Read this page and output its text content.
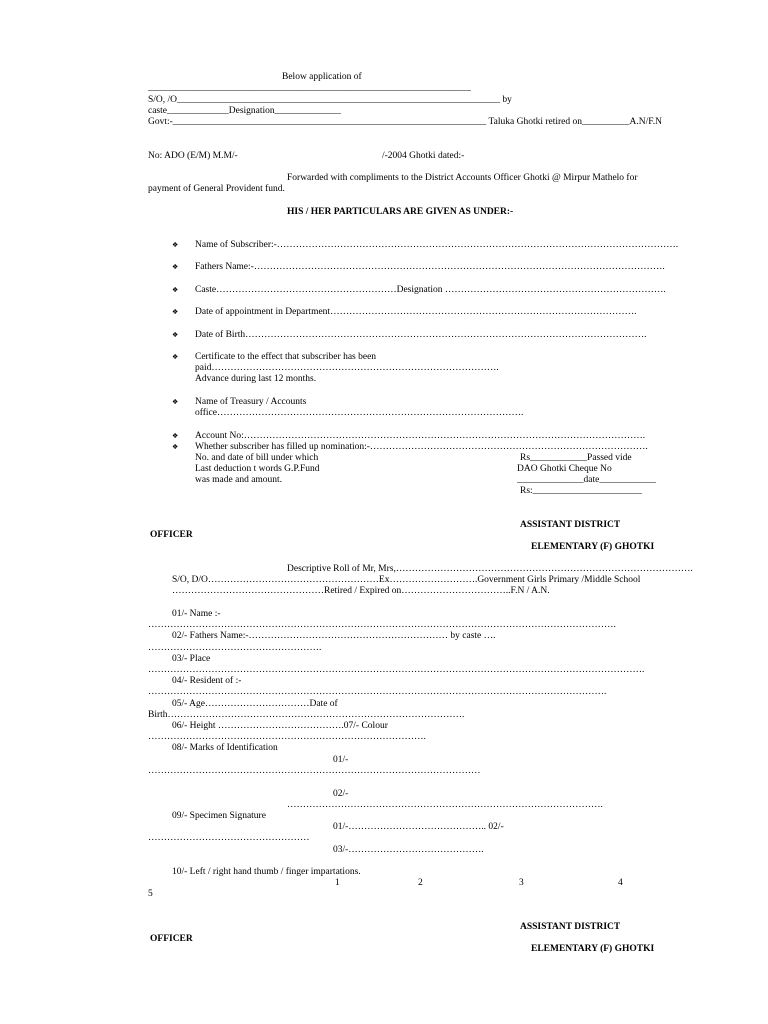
Below application of
____________________________________________________________________
S/O, /O____________________________________________________________________ by
caste_____________Designation______________
Govt:-__________________________________________________________________ Taluka Ghotki retired on__________A.N/F.N
No: ADO (E/M) M.M/-	/-2004 Ghotki dated:-
Forwarded with compliments to the District Accounts Officer Ghotki @ Mirpur Mathelo for
payment of General Provident fund.
HIS / HER PARTICULARS ARE GIVEN AS UNDER:-
❖ Name of Subscriber:-……………………………………………………………………………………………………………….
❖ Fathers Name:-………………………………………………………………………………………………………………….
❖ Caste…………………………………………………Designation …………………………………………………………….
❖ Date of appointment in Department…………………………………………………………………………………….
❖ Date of Birth……………………………………………………………………………………………………………….
❖ Certificate to the effect that subscriber has been
paid……………………………………………………………………………….
Advance during last 12 months.
❖ Name of Treasury / Accounts
office…………………………………………………………………………………….
❖ Account No:……………………………………………………………………………………………………………….
❖ Whether subscriber has filled up nomination:-…………………………………………………………………………….
No. and date of bill under which
Last deduction t words G.P.Fund
was made and amount.
Rs____________Passed vide
DAO Ghotki Cheque No
______________date____________
Rs:_______________________
ASSISTANT DISTRICT
OFFICER
ELEMENTARY (F) GHOTKI
Descriptive Roll of Mr, Mrs,………………………………………………………………………………….
S/O, D/O………………………………………………Ex……………………….Government Girls Primary /Middle School
…………………………………………Retired / Expired on……………………………..F.N / A.N.
01/- Name :-
………………………………………………………………………………………………………………………………….
02/- Fathers Name:-……………………………………………………… by caste ….
……………………………………………….
03/- Place
………………………………………………………………………………………………………………………………………….
04/- Resident of :-
……………………………………………………………………………………………………………………………….
05/- Age……………………………Date of
Birth………………………………………………………………………………….
06/- Height ………………………………….07/- Colour
…………………………………………………………………………….
08/- Marks of Identification
01/-
……………………………………………………………………………………………
02/-
……………………………………………………………………………………….
09/- Specimen Signature
01/-…………………………………….. 02/-
……………………………………………
03/-…………………………………….
10/- Left / right hand thumb / finger impartations.
1	2	3	4
5
ASSISTANT DISTRICT
OFFICER
ELEMENTARY (F) GHOTKI
